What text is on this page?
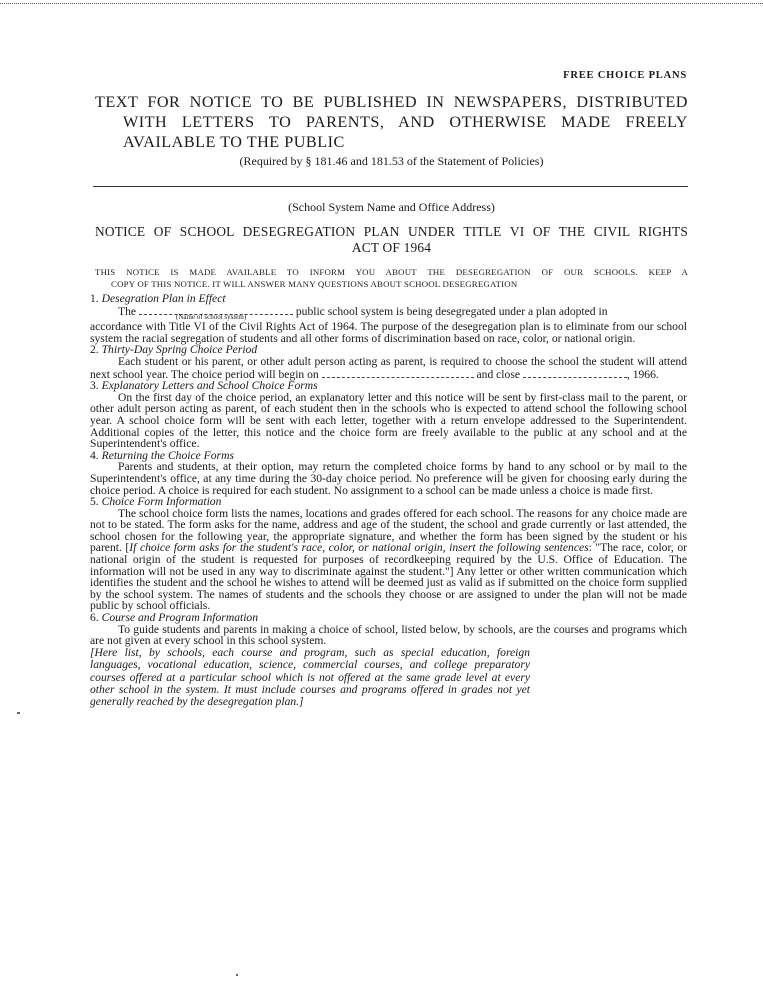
FREE CHOICE PLANS
TEXT FOR NOTICE TO BE PUBLISHED IN NEWSPAPERS, DISTRIBUTED
WITH LETTERS TO PARENTS, AND OTHERWISE MADE FREELY
AVAILABLE TO THE PUBLIC
(Required by § 181.46 and 181.53 of the Statement of Policies)
(School System Name and Office Address)
NOTICE OF SCHOOL DESEGREGATION PLAN UNDER TITLE VI OF THE CIVIL RIGHTS
ACT OF 1964
THIS NOTICE IS MADE AVAILABLE TO INFORM YOU ABOUT THE DESEGREGATION OF OUR SCHOOLS. KEEP A
COPY OF THIS NOTICE. IT WILL ANSWER MANY QUESTIONS ABOUT SCHOOL DESEGREGATION

1. Desegration Plan in Effect

The	public school system is being desegregated under a plan adopted in

(Name of school system)

accordance with Title VI of the Civil Rights Act of 1964. The purpose of the desegregation plan is to eliminate from our school system the racial segregation of students and all other forms of discrimination based on race, color, or national origin.

2. Thirty-Day Spring Choice Period

Each student or his parent, or other adult person acting as parent, is required to choose the school the student will attend next school year. The choice period will begin on	and close	, 1966.

3. Explanatory Letters and School Choice Forms

On the first day of the choice period, an explanatory letter and this notice will be sent by first-class mail to the parent, or other adult person acting as parent, of each student then in the schools who is expected to attend school the following school year. A school choice form will be sent with each letter, together with a return envelope addressed to the Superintendent. Additional copies of the letter, this notice and the choice form are freely available to the public at any school and at the Superintendent's office.

4. Returning the Choice Forms

Parents and students, at their option, may return the completed choice forms by hand to any school or by mail to the Superintendent's office, at any time during the 30-day choice period. No preference will be given for choosing early during the choice period. A choice is required for each student. No assignment to a school can be made unless a choice is made first.

5. Choice Form Information

The school choice form lists the names, locations and grades offered for each school. The reasons for any choice made are not to be stated. The form asks for the name, address and age of the student, the school and grade currently or last attended, the school chosen for the following year, the appropriate signature, and whether the form has been signed by the student or his parent. [If choice form asks for the student's race, color, or national origin, insert the following sentences: "The race, color, or national origin of the student is requested for purposes of recordkeeping required by the U.S. Office of Education. The information will not be used in any way to discriminate against the student."] Any letter or other written communication which identifies the student and the school he wishes to attend will be deemed just as valid as if submitted on the choice form supplied by the school system. The names of students and the schools they choose or are assigned to under the plan will not be made public by school officials.

6. Course and Program Information

To guide students and parents in making a choice of school, listed below, by schools, are the courses and programs which are not given at every school in this school system.

[Here list, by schools, each course and program, such as special education, foreign languages, vocational education, science, commercial courses, and college preparatory courses offered at a particular school which is not offered at the same grade level at every other school in the system. It must include courses and programs offered in grades not yet generally reached by the desegregation plan.]
